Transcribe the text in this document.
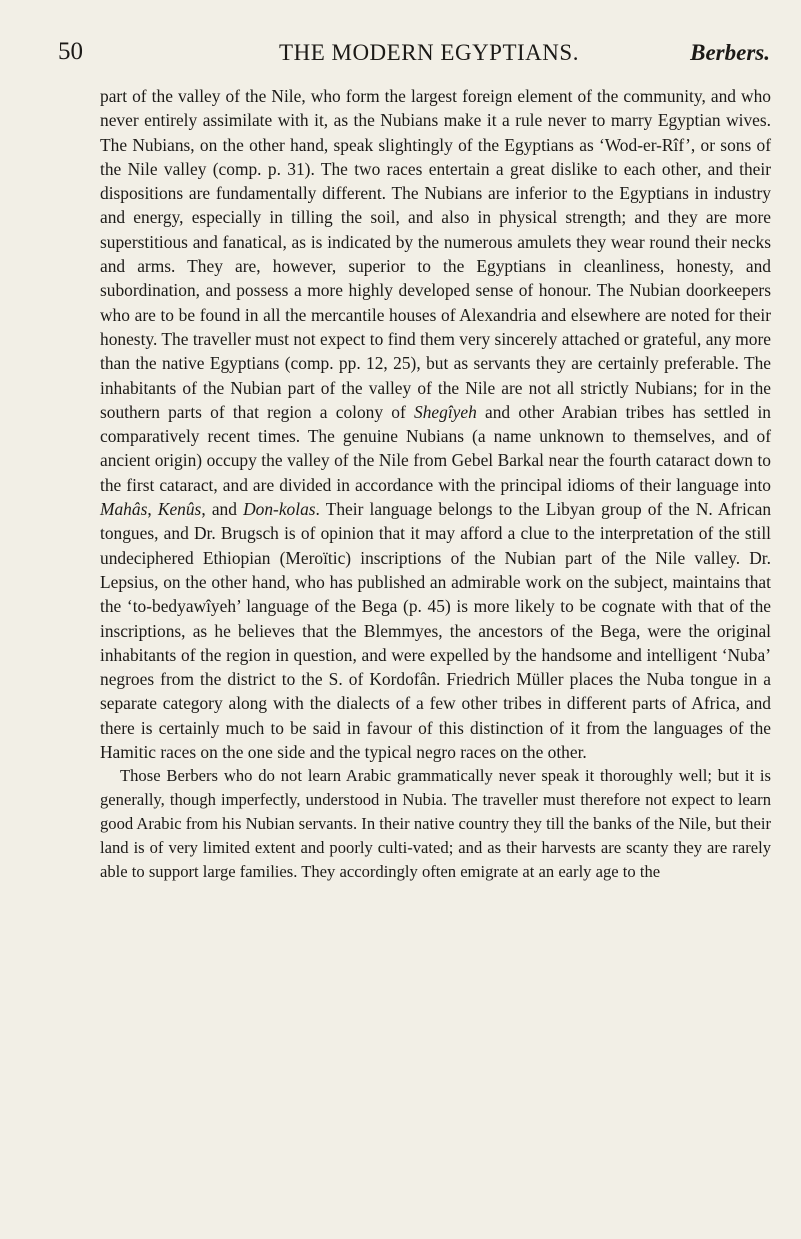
50	THE MODERN EGYPTIANS.	Berbers.

part of the valley of the Nile, who form the largest foreign element of the community, and who never entirely assimilate with it, as the Nubians make it a rule never to marry Egyptian wives. The Nubians, on the other hand, speak slightingly of the Egyptians as ‘Wod-er-Rîf’, or sons of the Nile valley (comp. p. 31). The two races entertain a great dislike to each other, and their dispositions are fundamentally different. The Nubians are inferior to the Egyptians in industry and energy, especially in tilling the soil, and also in physical strength; and they are more superstitious and fanatical, as is indicated by the numerous amulets they wear round their necks and arms. They are, however, superior to the Egyptians in cleanliness, honesty, and subordination, and possess a more highly developed sense of honour. The Nubian doorkeepers who are to be found in all the mercantile houses of Alexandria and elsewhere are noted for their honesty. The traveller must not expect to find them very sincerely attached or grateful, any more than the native Egyptians (comp. pp. 12, 25), but as servants they are certainly preferable. The inhabitants of the Nubian part of the valley of the Nile are not all strictly Nubians; for in the southern parts of that region a colony of Shegîyeh and other Arabian tribes has settled in comparatively recent times. The genuine Nubians (a name unknown to themselves, and of ancient origin) occupy the valley of the Nile from Gebel Barkal near the fourth cataract down to the first cataract, and are divided in accordance with the principal idioms of their language into Mahâs, Kenûs, and Don-kolas. Their language belongs to the Libyan group of the N. African tongues, and Dr. Brugsch is of opinion that it may afford a clue to the interpretation of the still undeciphered Ethiopian (Meroïtic) inscriptions of the Nubian part of the Nile valley. Dr. Lepsius, on the other hand, who has published an admirable work on the subject, maintains that the ‘to-bedyawîyeh’ language of the Bega (p. 45) is more likely to be cognate with that of the inscriptions, as he believes that the Blemmyes, the ancestors of the Bega, were the original inhabitants of the region in question, and were expelled by the handsome and intelligent ‘Nuba’ negroes from the district to the S. of Kordofân. Friedrich Müller places the Nuba tongue in a separate category along with the dialects of a few other tribes in different parts of Africa, and there is certainly much to be said in favour of this distinction of it from the languages of the Hamitic races on the one side and the typical negro races on the other.

Those Berbers who do not learn Arabic grammatically never speak it thoroughly well; but it is generally, though imperfectly, understood in Nubia. The traveller must therefore not expect to learn good Arabic from his Nubian servants. In their native country they till the banks of the Nile, but their land is of very limited extent and poorly culti-vated; and as their harvests are scanty they are rarely able to support large families. They accordingly often emigrate at an early age to the
